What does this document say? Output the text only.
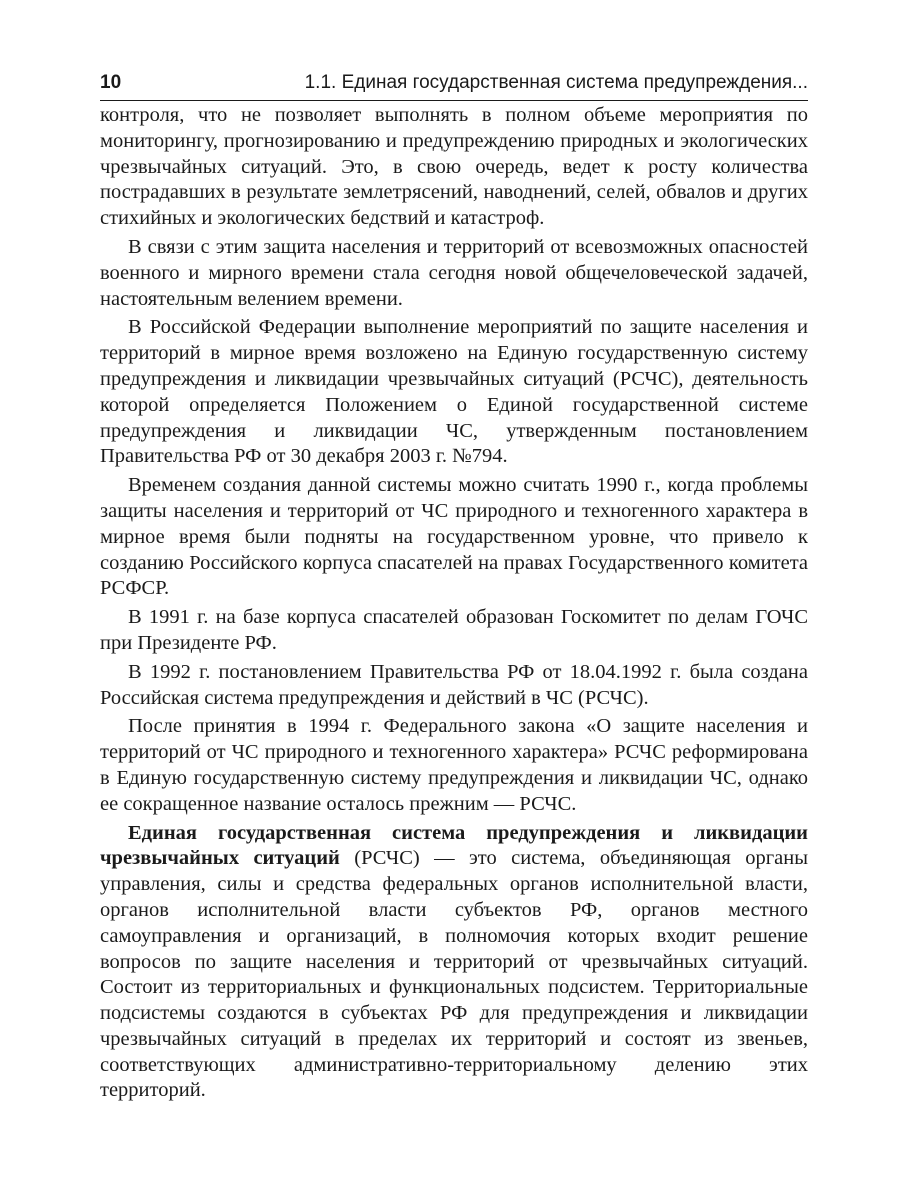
10	1.1. Единая государственная система предупреждения...

контроля, что не позволяет выполнять в полном объеме мероприятия по мониторингу, прогнозированию и предупреждению природных и экологических чрезвычайных ситуаций. Это, в свою очередь, ведет к росту количества пострадавших в результате землетрясений, наводнений, селей, обвалов и других стихийных и экологических бедствий и катастроф.

В связи с этим защита населения и территорий от всевозможных опасностей военного и мирного времени стала сегодня новой общечеловеческой задачей, настоятельным велением времени.

В Российской Федерации выполнение мероприятий по защите населения и территорий в мирное время возложено на Единую государственную систему предупреждения и ликвидации чрезвычайных ситуаций (РСЧС), деятельность которой определяется Положением о Единой государственной системе предупреждения и ликвидации ЧС, утвержденным постановлением Правительства РФ от 30 декабря 2003 г. №794.

Временем создания данной системы можно считать 1990 г., когда проблемы защиты населения и территорий от ЧС природного и техногенного характера в мирное время были подняты на государственном уровне, что привело к созданию Российского корпуса спасателей на правах Государственного комитета РСФСР.

В 1991 г. на базе корпуса спасателей образован Госкомитет по делам ГОЧС при Президенте РФ.

В 1992 г. постановлением Правительства РФ от 18.04.1992 г. была создана Российская система предупреждения и действий в ЧС (РСЧС).

После принятия в 1994 г. Федерального закона «О защите населения и территорий от ЧС природного и техногенного характера» РСЧС реформирована в Единую государственную систему предупреждения и ликвидации ЧС, однако ее сокращенное название осталось прежним — РСЧС.

Единая государственная система предупреждения и ликвидации чрезвычайных ситуаций (РСЧС) — это система, объединяющая органы управления, силы и средства федеральных органов исполнительной власти, органов исполнительной власти субъектов РФ, органов местного самоуправления и организаций, в полномочия которых входит решение вопросов по защите населения и территорий от чрезвычайных ситуаций. Состоит из территориальных и функциональных подсистем. Территориальные подсистемы создаются в субъектах РФ для предупреждения и ликвидации чрезвычайных ситуаций в пределах их территорий и состоят из звеньев, соответствующих административно-территориальному делению этих территорий.
